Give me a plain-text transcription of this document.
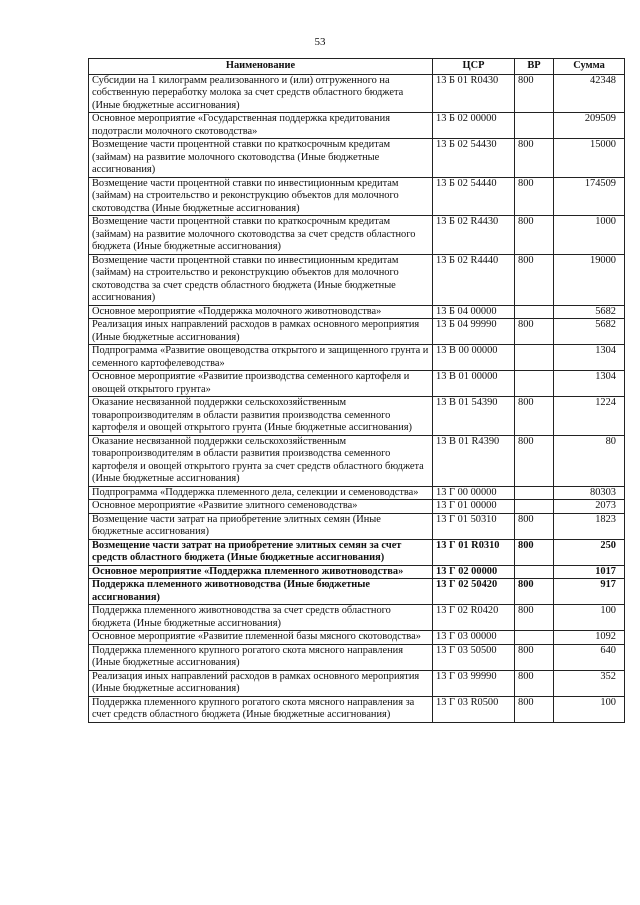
53
Наименование	ЦСР	ВР	Сумма
Субсидии на 1 килограмм реализованного и (или) отгруженного на собственную переработку молока за счет средств областного бюджета (Иные бюджетные ассигнования)	13 Б 01 R0430	800	42348
Основное мероприятие «Государственная поддержка кредитования подотрасли молочного скотоводства»	13 Б 02 00000		209509
Возмещение части процентной ставки по краткосрочным кредитам (займам) на развитие молочного скотоводства (Иные бюджетные ассигнования)	13 Б 02 54430	800	15000
Возмещение части процентной ставки по инвестиционным кредитам (займам) на строительство и реконструкцию объектов для молочного скотоводства (Иные бюджетные ассигнования)	13 Б 02 54440	800	174509
Возмещение части процентной ставки по краткосрочным кредитам (займам) на развитие молочного скотоводства за счет средств областного бюджета (Иные бюджетные ассигнования)	13 Б 02 R4430	800	1000
Возмещение части процентной ставки по инвестиционным кредитам (займам) на строительство и реконструкцию объектов для молочного скотоводства за счет средств областного бюджета (Иные бюджетные ассигнования)	13 Б 02 R4440	800	19000
Основное мероприятие «Поддержка молочного животноводства»	13 Б 04 00000		5682
Реализация иных направлений расходов в рамках основного мероприятия (Иные бюджетные ассигнования)	13 Б 04 99990	800	5682
Подпрограмма «Развитие овощеводства открытого и защищенного грунта и семенного картофелеводства»	13 В 00 00000		1304
Основное мероприятие «Развитие производства семенного картофеля и овощей открытого грунта»	13 В 01 00000		1304
Оказание несвязанной поддержки сельскохозяйственным товаропроизводителям в области развития производства семенного картофеля и овощей открытого грунта (Иные бюджетные ассигнования)	13 В 01 54390	800	1224
Оказание несвязанной поддержки сельскохозяйственным товаропроизводителям в области развития производства семенного картофеля и овощей открытого грунта за счет средств областного бюджета (Иные бюджетные ассигнования)	13 В 01 R4390	800	80
Подпрограмма «Поддержка племенного дела, селекции и семеноводства»	13 Г 00 00000		80303
Основное мероприятие «Развитие элитного семеноводства»	13 Г 01 00000		2073
Возмещение части затрат на приобретение элитных семян (Иные бюджетные ассигнования)	13 Г 01 50310	800	1823
Возмещение части затрат на приобретение элитных семян за счет средств областного бюджета (Иные бюджетные ассигнования)	13 Г 01 R0310	800	250
Основное мероприятие «Поддержка племенного животноводства»	13 Г 02 00000		1017
Поддержка племенного животноводства (Иные бюджетные ассигнования)	13 Г 02 50420	800	917
Поддержка племенного животноводства за счет средств областного бюджета (Иные бюджетные ассигнования)	13 Г 02 R0420	800	100
Основное мероприятие «Развитие племенной базы мясного скотоводства»	13 Г 03 00000		1092
Поддержка племенного крупного рогатого скота мясного направления (Иные бюджетные ассигнования)	13 Г 03 50500	800	640
Реализация иных направлений расходов в рамках основного мероприятия (Иные бюджетные ассигнования)	13 Г 03 99990	800	352
Поддержка племенного крупного рогатого скота мясного направления за счет средств областного бюджета (Иные бюджетные ассигнования)	13 Г 03 R0500	800	100
